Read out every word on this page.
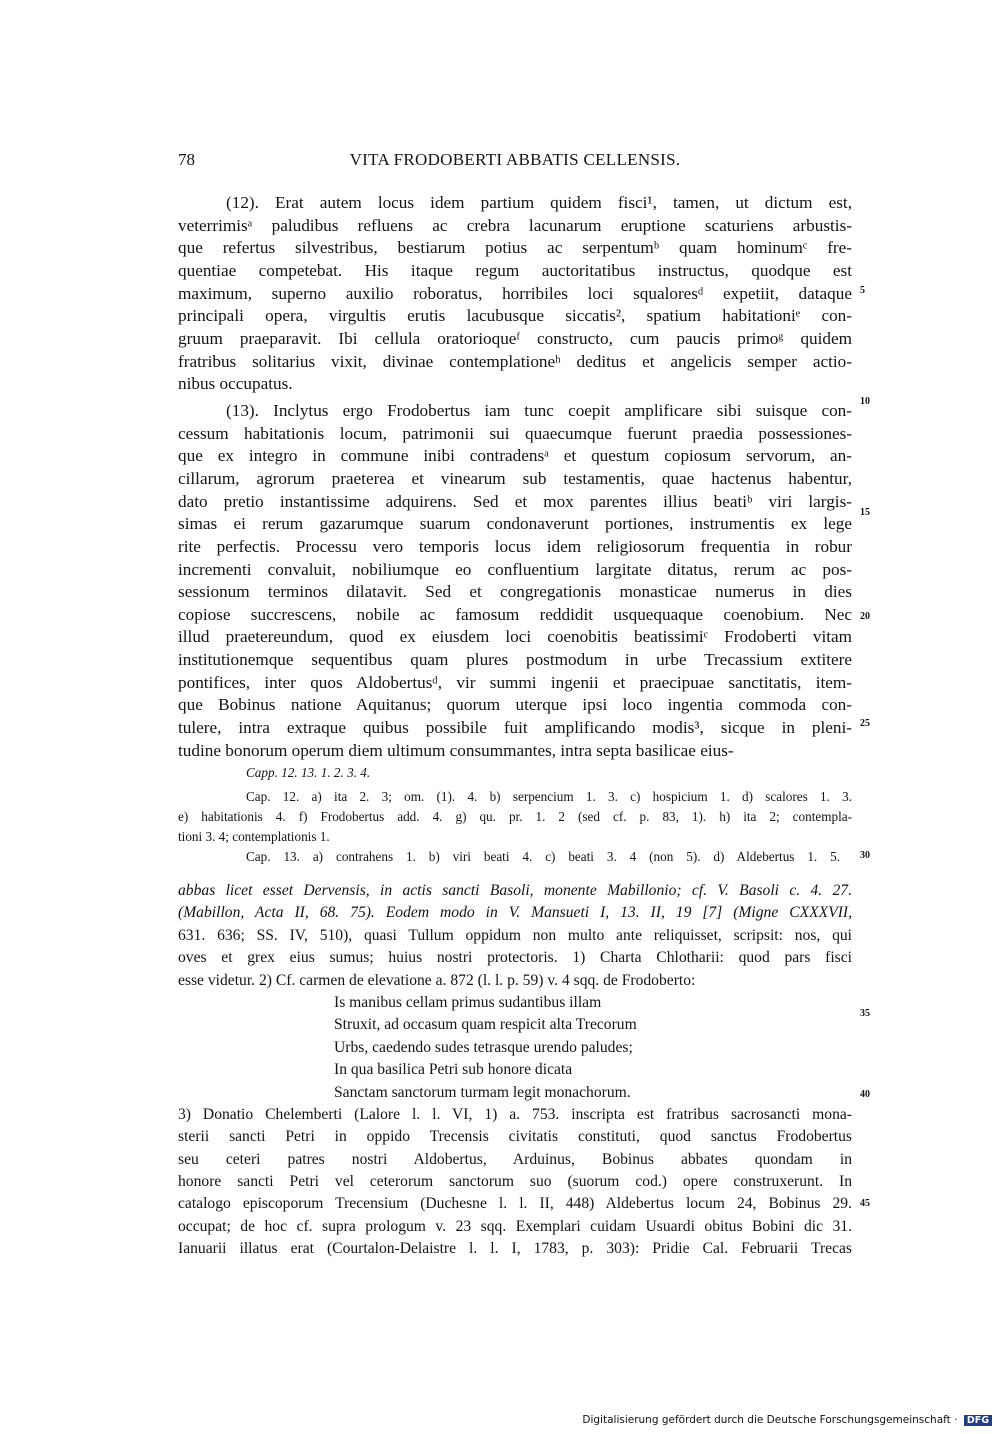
78	VITA FRODOBERTI ABBATIS CELLENSIS.
(12). Erat autem locus idem partium quidem fisci¹, tamen, ut dictum est,
veterrimisᵃ paludibus refluens ac crebra lacunarum eruptione scaturiens arbustis-
que refertus silvestribus, bestiarum potius ac serpentumᵇ quam hominumᶜ fre-
quentiae competebat. His itaque regum auctoritatibus instructus, quodque est
maximum, superno auxilio roboratus, horribiles loci squaloresᵈ expetiit, dataque
principali opera, virgultis erutis lacubusque siccatis², spatium habitationiᵉ con-
gruum praeparavit. Ibi cellula oratorioqueᶠ constructo, cum paucis primoᵍ quidem
fratribus solitarius vixit, divinae contemplationeʰ deditus et angelicis semper actio-
nibus occupatus.
(13). Inclytus ergo Frodobertus iam tunc coepit amplificare sibi suisque con-
cessum habitationis locum, patrimonii sui quaecumque fuerunt praedia possessiones-
que ex integro in commune inibi contradensᵃ et questum copiosum servorum, an-
cillarum, agrorum praeterea et vinearum sub testamentis, quae hactenus habentur,
dato pretio instantissime adquirens. Sed et mox parentes illius beatiᵇ viri largis-
simas ei rerum gazarumque suarum condonaverunt portiones, instrumentis ex lege
rite perfectis. Processu vero temporis locus idem religiosorum frequentia in robur
incrementi convaluit, nobiliumque eo confluentium largitate ditatus, rerum ac pos-
sessionum terminos dilatavit. Sed et congregationis monasticae numerus in dies
copiose succrescens, nobile ac famosum reddidit usquequaque coenobium. Nec
illud praetereundum, quod ex eiusdem loci coenobitis beatissimiᶜ Frodoberti vitam
institutionemque sequentibus quam plures postmodum in urbe Trecassium extitere
pontifices, inter quos Aldobertusᵈ, vir summi ingenii et praecipuae sanctitatis, item-
que Bobinus natione Aquitanus; quorum uterque ipsi loco ingentia commoda con-
tulere, intra extraque quibus possibile fuit amplificando modis³, sicque in pleni-
tudine bonorum operum diem ultimum consummantes, intra septa basilicae eius-
5
10
15
20
25
Capp. 12. 13. 1. 2. 3. 4.
Cap. 12. a) ita 2. 3; om. (1). 4. b) serpencium 1. 3. c) hospicium 1. d) scalores 1. 3.
e) habitationis 4. f) Frodobertus add. 4. g) qu. pr. 1. 2 (sed cf. p. 83, 1). h) ita 2; contempla-
tioni 3. 4; contemplationis 1.
Cap. 13. a) contrahens 1. b) viri beati 4. c) beati 3. 4 (non 5). d) Aldebertus 1. 5.	30
abbas licet esset Dervensis, in actis sancti Basoli, monente Mabillonio; cf. V. Basoli c. 4. 27.
(Mabillon, Acta II, 68. 75). Eodem modo in V. Mansueti I, 13. II, 19 [7] (Migne CXXXVII,
631. 636; SS. IV, 510), quasi Tullum oppidum non multo ante reliquisset, scripsit: nos, qui
oves et grex eius sumus; huius nostri protectoris. 1) Charta Chlotharii: quod pars fisci
esse videtur. 2) Cf. carmen de elevatione a. 872 (l. l. p. 59) v. 4 sqq. de Frodoberto:
Is manibus cellam primus sudantibus illam
Struxit, ad occasum quam respicit alta Trecorum
Urbs, caedendo sudes tetrasque urendo paludes;
In qua basilica Petri sub honore dicata
Sanctam sanctorum turmam legit monachorum.
3) Donatio Chelemberti (Lalore l. l. VI, 1) a. 753. inscripta est fratribus sacrosancti mona-
sterii sancti Petri in oppido Trecensis civitatis constituti, quod sanctus Frodobertus
seu ceteri patres nostri Aldobertus, Arduinus, Bobinus abbates quondam in
honore sancti Petri vel ceterorum sanctorum suo (suorum cod.) opere construxerunt. In
catalogo episcoporum Trecensium (Duchesne l. l. II, 448) Aldebertus locum 24, Bobinus 29.
occupat; de hoc cf. supra prologum v. 23 sqq. Exemplari cuidam Usuardi obitus Bobini dic 31.
Ianuarii illatus erat (Courtalon-Delaistre l. l. I, 1783, p. 303): Pridie Cal. Februarii Trecas
35
40
45
Digitalisierung gefördert durch die Deutsche Forschungsgemeinschaft · DFG
